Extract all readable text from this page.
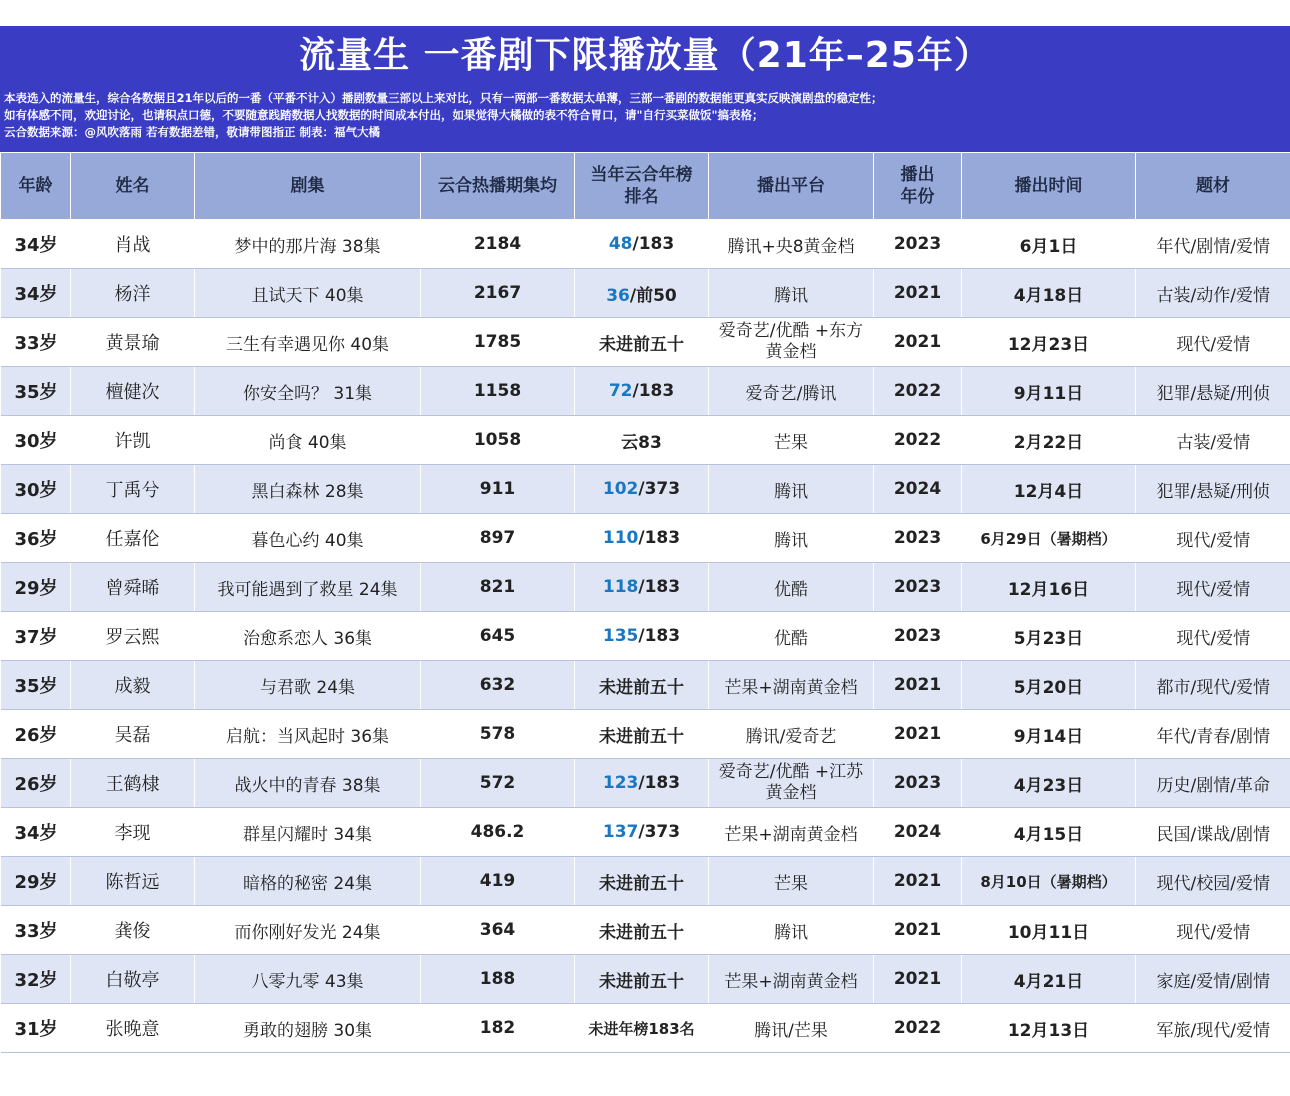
流量生 一番剧下限播放量（21年–25年）
本表选入的流量生，综合各数据且21年以后的一番（平番不计入）播剧数量三部以上来对比，只有一两部一番数据太单薄，三部一番剧的数据能更真实反映演剧盘的稳定性；
如有体感不同，欢迎讨论，也请积点口德，不要随意践踏数据人找数据的时间成本付出，如果觉得大橘做的表不符合胃口，请"自行买菜做饭"搞表格；
云合数据来源：@风吹落雨 若有数据差错，敬请带图指正 制表：福气大橘
年龄	姓名	剧集	云合热播期集均	当年云合年榜排名	播出平台	播出年份	播出时间	题材
34岁	肖战	梦中的那片海 38集	2184	48/183	腾讯+央8黄金档	2023	6月1日	年代/剧情/爱情
34岁	杨洋	且试天下 40集	2167	36/前50	腾讯	2021	4月18日	古装/动作/爱情
33岁	黄景瑜	三生有幸遇见你 40集	1785	未进前五十	爱奇艺/优酷 +东方黄金档	2021	12月23日	现代/爱情
35岁	檀健次	你安全吗？ 31集	1158	72/183	爱奇艺/腾讯	2022	9月11日	犯罪/悬疑/刑侦
30岁	许凯	尚食 40集	1058	云83	芒果	2022	2月22日	古装/爱情
30岁	丁禹兮	黑白森林 28集	911	102/373	腾讯	2024	12月4日	犯罪/悬疑/刑侦
36岁	任嘉伦	暮色心约 40集	897	110/183	腾讯	2023	6月29日（暑期档）	现代/爱情
29岁	曾舜晞	我可能遇到了救星 24集	821	118/183	优酷	2023	12月16日	现代/爱情
37岁	罗云熙	治愈系恋人 36集	645	135/183	优酷	2023	5月23日	现代/爱情
35岁	成毅	与君歌 24集	632	未进前五十	芒果+湖南黄金档	2021	5月20日	都市/现代/爱情
26岁	吴磊	启航：当风起时 36集	578	未进前五十	腾讯/爱奇艺	2021	9月14日	年代/青春/剧情
26岁	王鹤棣	战火中的青春 38集	572	123/183	爱奇艺/优酷 +江苏黄金档	2023	4月23日	历史/剧情/革命
34岁	李现	群星闪耀时 34集	486.2	137/373	芒果+湖南黄金档	2024	4月15日	民国/谍战/剧情
29岁	陈哲远	暗格的秘密 24集	419	未进前五十	芒果	2021	8月10日（暑期档）	现代/校园/爱情
33岁	龚俊	而你刚好发光 24集	364	未进前五十	腾讯	2021	10月11日	现代/爱情
32岁	白敬亭	八零九零 43集	188	未进前五十	芒果+湖南黄金档	2021	4月21日	家庭/爱情/剧情
31岁	张晚意	勇敢的翅膀 30集	182	未进年榜183名	腾讯/芒果	2022	12月13日	军旅/现代/爱情
